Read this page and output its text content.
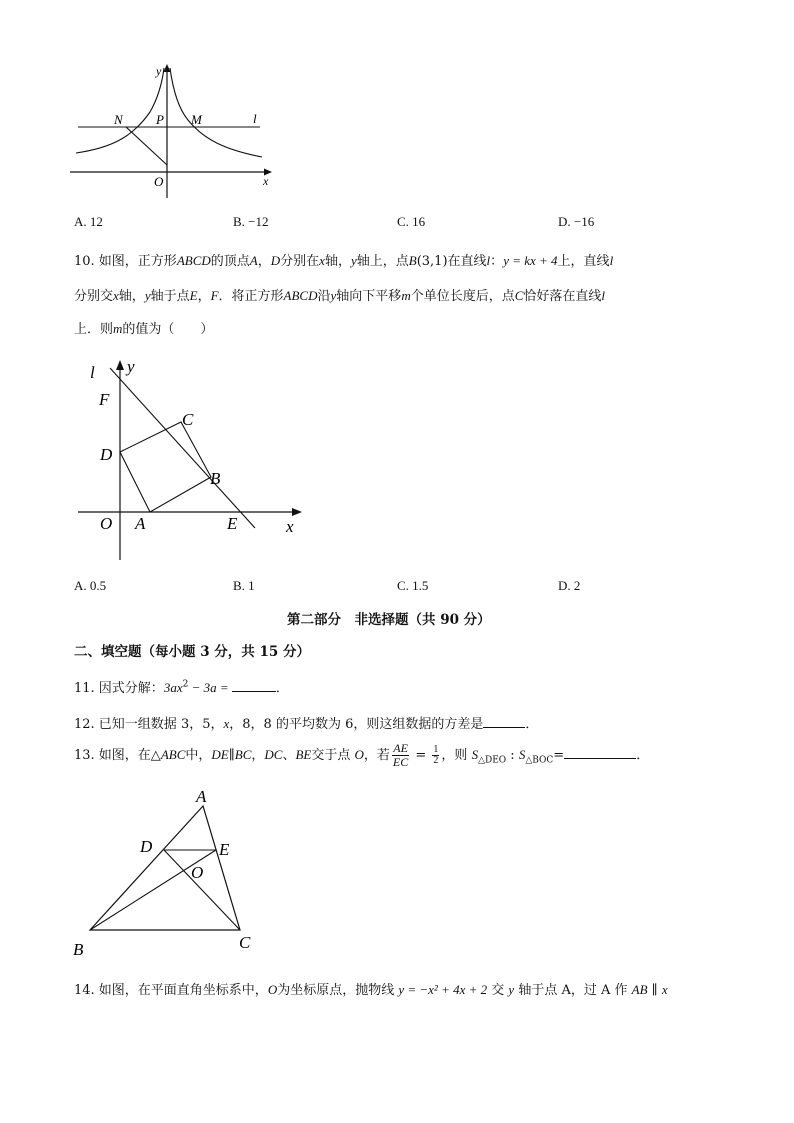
y
N	P M	l
O	x
A. 12	B. −12	C. 16	D. −16
10. 如图，正方形ABCD的顶点A，D分别在x轴，y轴上，点B(3,1)在直线l：y = kx + 4上，直线l
分别交x轴，y轴于点E，F．将正方形ABCD沿y轴向下平移m个单位长度后，点C恰好落在直线l
上．则m的值为（　　）
l y
F
C
D
B
O A	E	x
A. 0.5	B. 1	C. 1.5	D. 2
第二部分　非选择题（共 90 分）
二、填空题（每小题 3 分，共 15 分）
11. 因式分解：$3ax^2 - 3a$ =	．
12. 已知一组数据 3，5，x，8，8 的平均数为 6，则这组数据的方差是	．
13. 如图，在△ABC中，DE∥BC，DC、BE交于点 O，若 $\frac{AE}{EC} = \frac{1}{2}$ ，则 $S_{\triangle DEO}$ : $S_{\triangle BOC}=$	．
A
D	E
O
B	C
14. 如图，在平面直角坐标系中，O为坐标原点，抛物线 y = −x² + 4x + 2 交 y 轴于点 A，过 A 作 AB ∥ x
